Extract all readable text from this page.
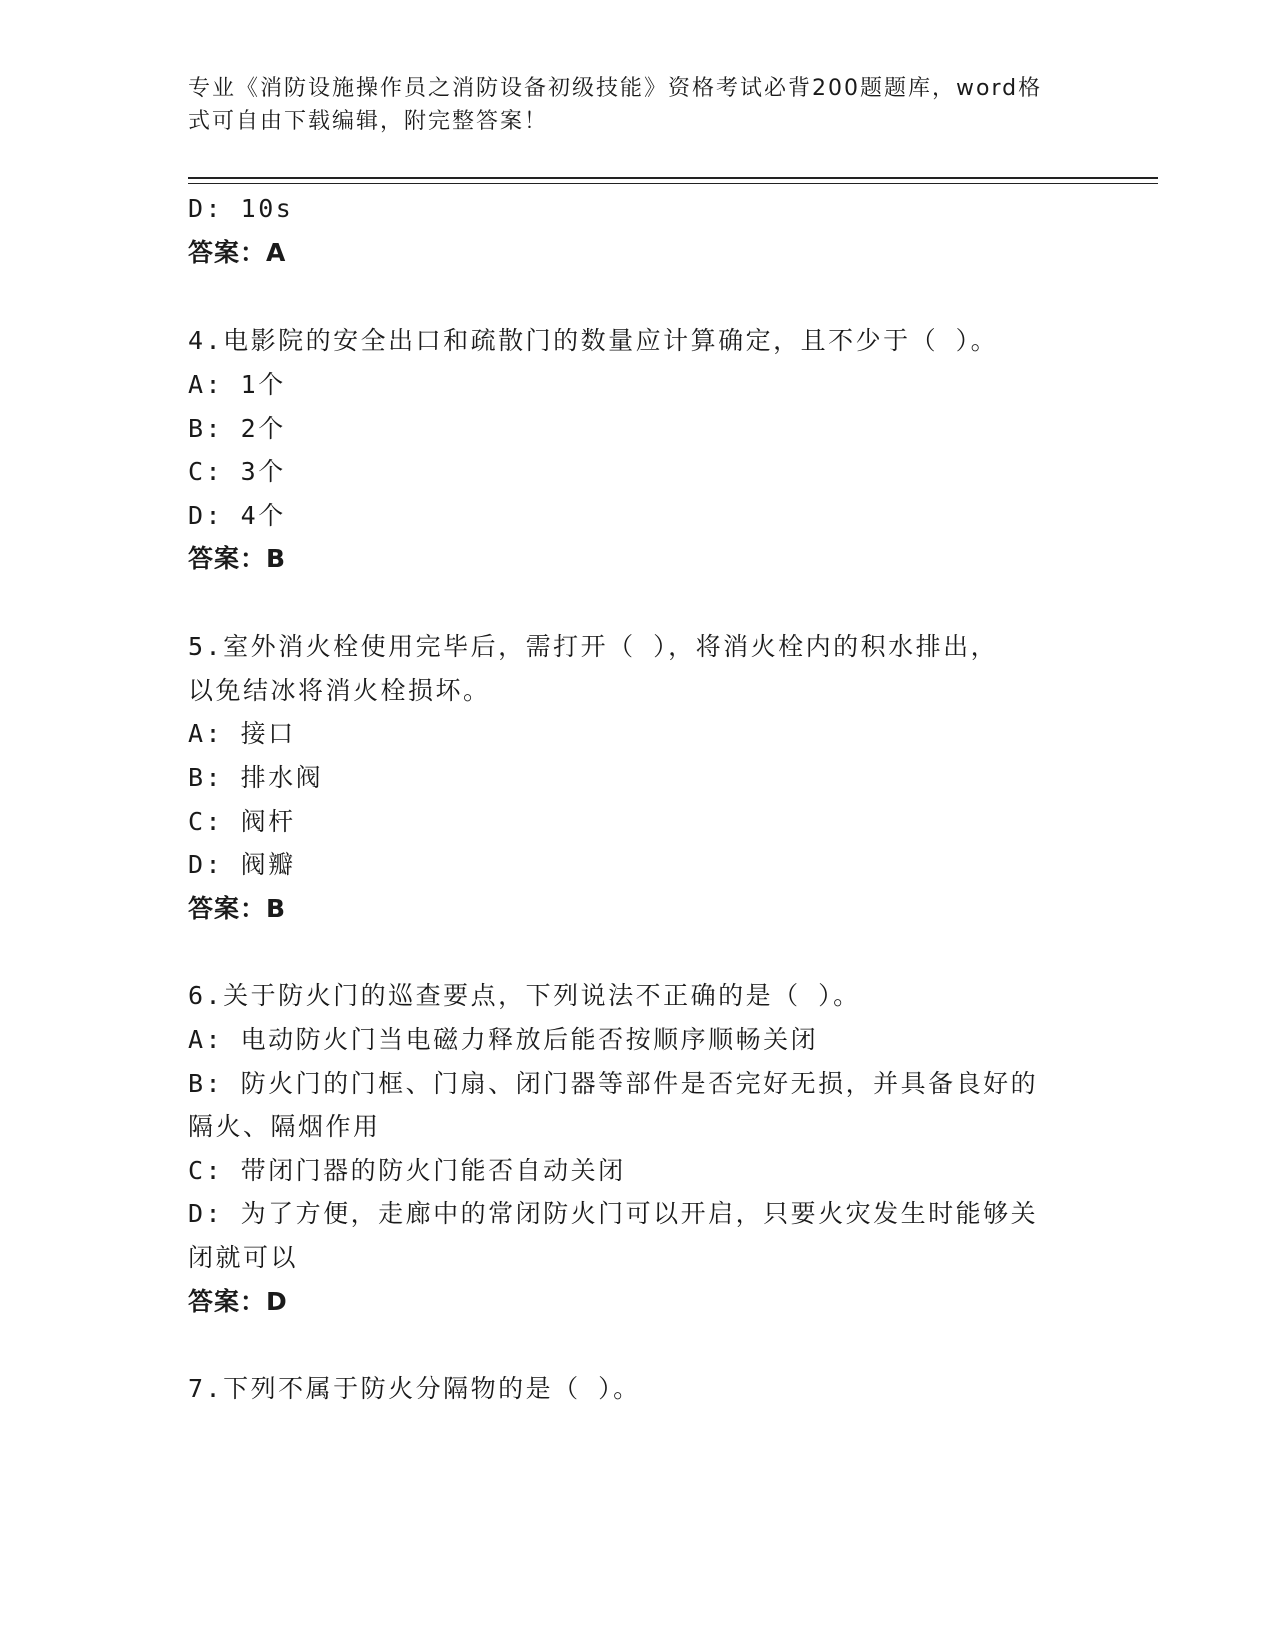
专业《消防设施操作员之消防设备初级技能》资格考试必背200题题库，word格
式可自由下载编辑，附完整答案！
D: 10s
答案：A
4.电影院的安全出口和疏散门的数量应计算确定，且不少于（ ）。
A: 1个
B: 2个
C: 3个
D: 4个
答案：B
5.室外消火栓使用完毕后，需打开（ ），将消火栓内的积水排出，
以免结冰将消火栓损坏。
A: 接口
B: 排水阀
C: 阀杆
D: 阀瓣
答案：B
6.关于防火门的巡查要点，下列说法不正确的是（ ）。
A: 电动防火门当电磁力释放后能否按顺序顺畅关闭
B: 防火门的门框、门扇、闭门器等部件是否完好无损，并具备良好的
隔火、隔烟作用
C: 带闭门器的防火门能否自动关闭
D: 为了方便，走廊中的常闭防火门可以开启，只要火灾发生时能够关
闭就可以
答案：D
7.下列不属于防火分隔物的是（ ）。
